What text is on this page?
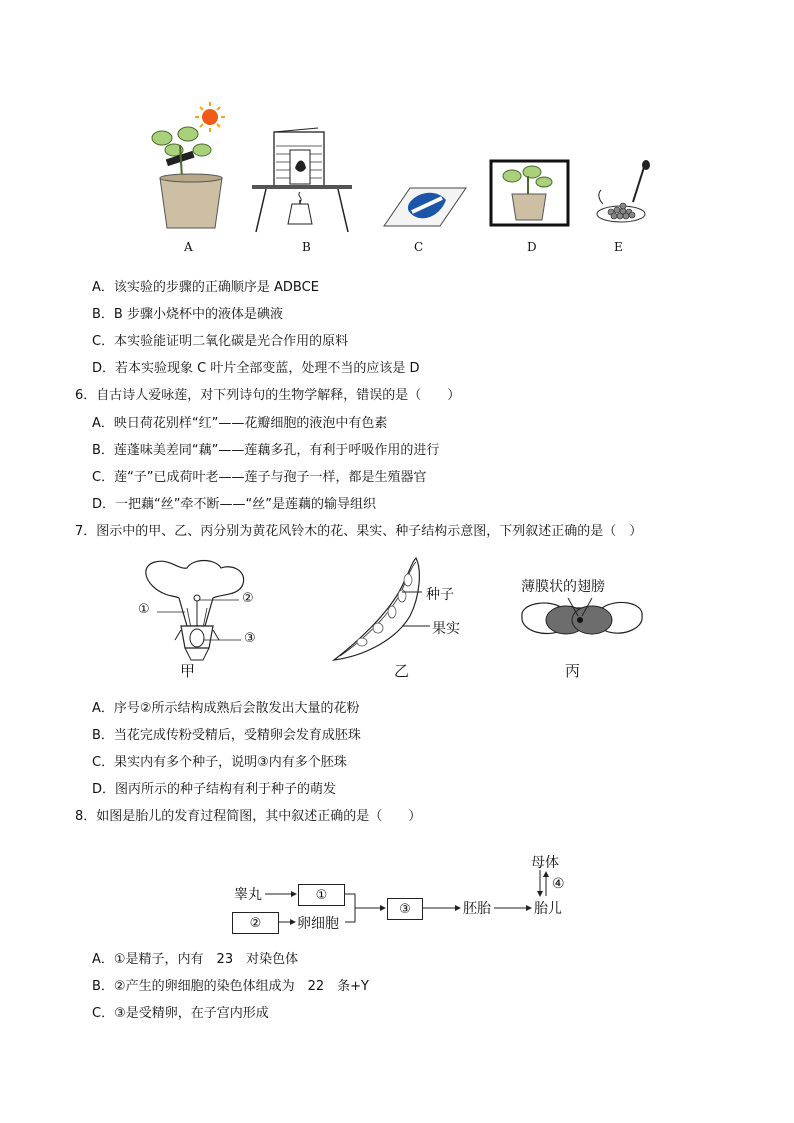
A	B	C	D	E
A．该实验的步骤的正确顺序是 ADBCE
B．B 步骤小烧杯中的液体是碘液
C．本实验能证明二氧化碳是光合作用的原料
D．若本实验现象 C 叶片全部变蓝，处理不当的应该是 D
6．自古诗人爱咏莲，对下列诗句的生物学解释，错误的是（　　）
A．映日荷花别样“红”——花瓣细胞的液泡中有色素
B．莲蓬味美差同“藕”——莲藕多孔，有利于呼吸作用的进行
C．莲“子”已成荷叶老——莲子与孢子一样，都是生殖器官
D．一把藕“丝”牵不断——“丝”是莲藕的输导组织
7．图示中的甲、乙、丙分别为黄花风铃木的花、果实、种子结构示意图，下列叙述正确的是（　）
①
②
③
甲
种子
果实
乙
薄膜状的翅膀
丙
A．序号②所示结构成熟后会散发出大量的花粉
B．当花完成传粉受精后，受精卵会发育成胚珠
C．果实内有多个种子，说明③内有多个胚珠
D．图丙所示的种子结构有利于种子的萌发
8．如图是胎儿的发育过程简图，其中叙述正确的是（　　）
睾丸	①
②	卵细胞
③	胚胎	胎儿
母体
④
A．①是精子，内有　23　对染色体
B．②产生的卵细胞的染色体组成为　22　条+Y
C．③是受精卵，在子宫内形成
